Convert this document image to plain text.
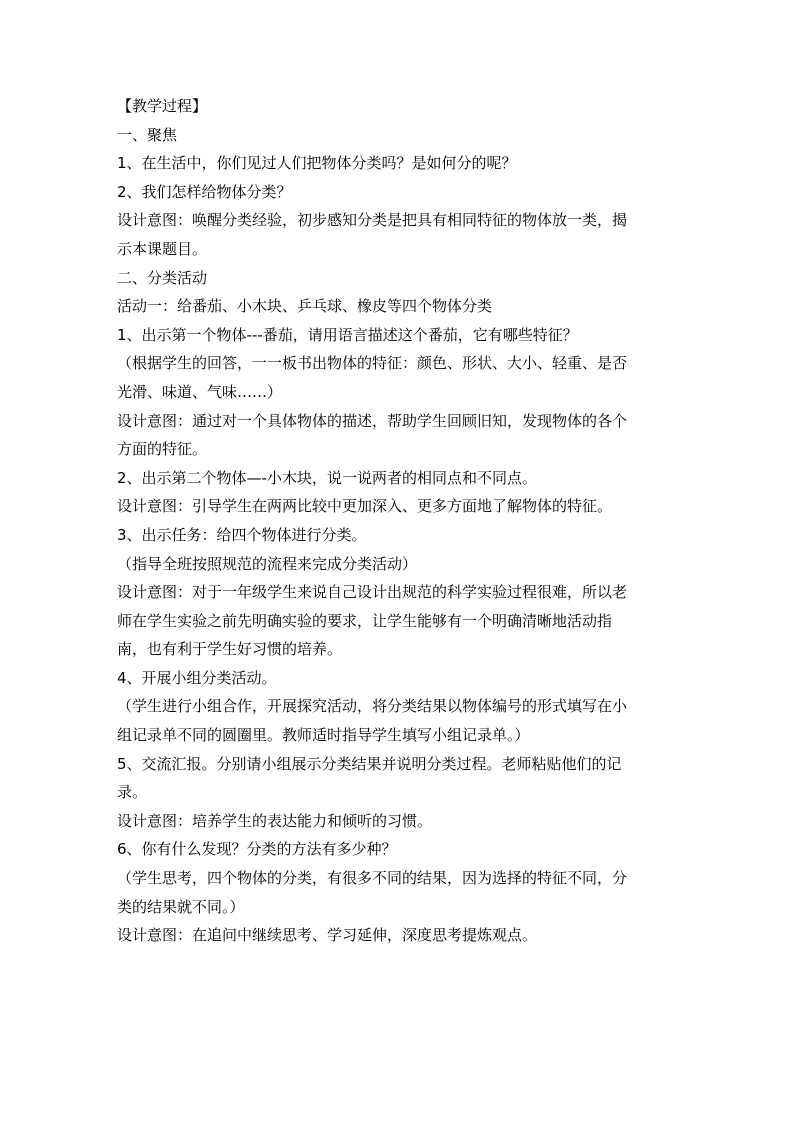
【教学过程】

一、聚焦

1、在生活中，你们见过人们把物体分类吗？是如何分的呢？

2、我们怎样给物体分类？

设计意图：唤醒分类经验，初步感知分类是把具有相同特征的物体放一类，揭

示本课题目。

二、分类活动

活动一：给番茄、小木块、乒乓球、橡皮等四个物体分类

1、出示第一个物体---番茄，请用语言描述这个番茄，它有哪些特征？

（根据学生的回答，一一板书出物体的特征：颜色、形状、大小、轻重、是否

光滑、味道、气味……）

设计意图：通过对一个具体物体的描述，帮助学生回顾旧知，发现物体的各个

方面的特征。

2、出示第二个物体—-小木块，说一说两者的相同点和不同点。

设计意图：引导学生在两两比较中更加深入、更多方面地了解物体的特征。

3、出示任务：给四个物体进行分类。

（指导全班按照规范的流程来完成分类活动）

设计意图：对于一年级学生来说自己设计出规范的科学实验过程很难，所以老

师在学生实验之前先明确实验的要求，让学生能够有一个明确清晰地活动指

南，也有利于学生好习惯的培养。

4、开展小组分类活动。

（学生进行小组合作，开展探究活动，将分类结果以物体编号的形式填写在小

组记录单不同的圆圈里。教师适时指导学生填写小组记录单。）

5、交流汇报。分别请小组展示分类结果并说明分类过程。老师粘贴他们的记

录。

设计意图：培养学生的表达能力和倾听的习惯。

6、你有什么发现？分类的方法有多少种？

（学生思考，四个物体的分类，有很多不同的结果，因为选择的特征不同，分

类的结果就不同。）

设计意图：在追问中继续思考、学习延伸，深度思考提炼观点。
